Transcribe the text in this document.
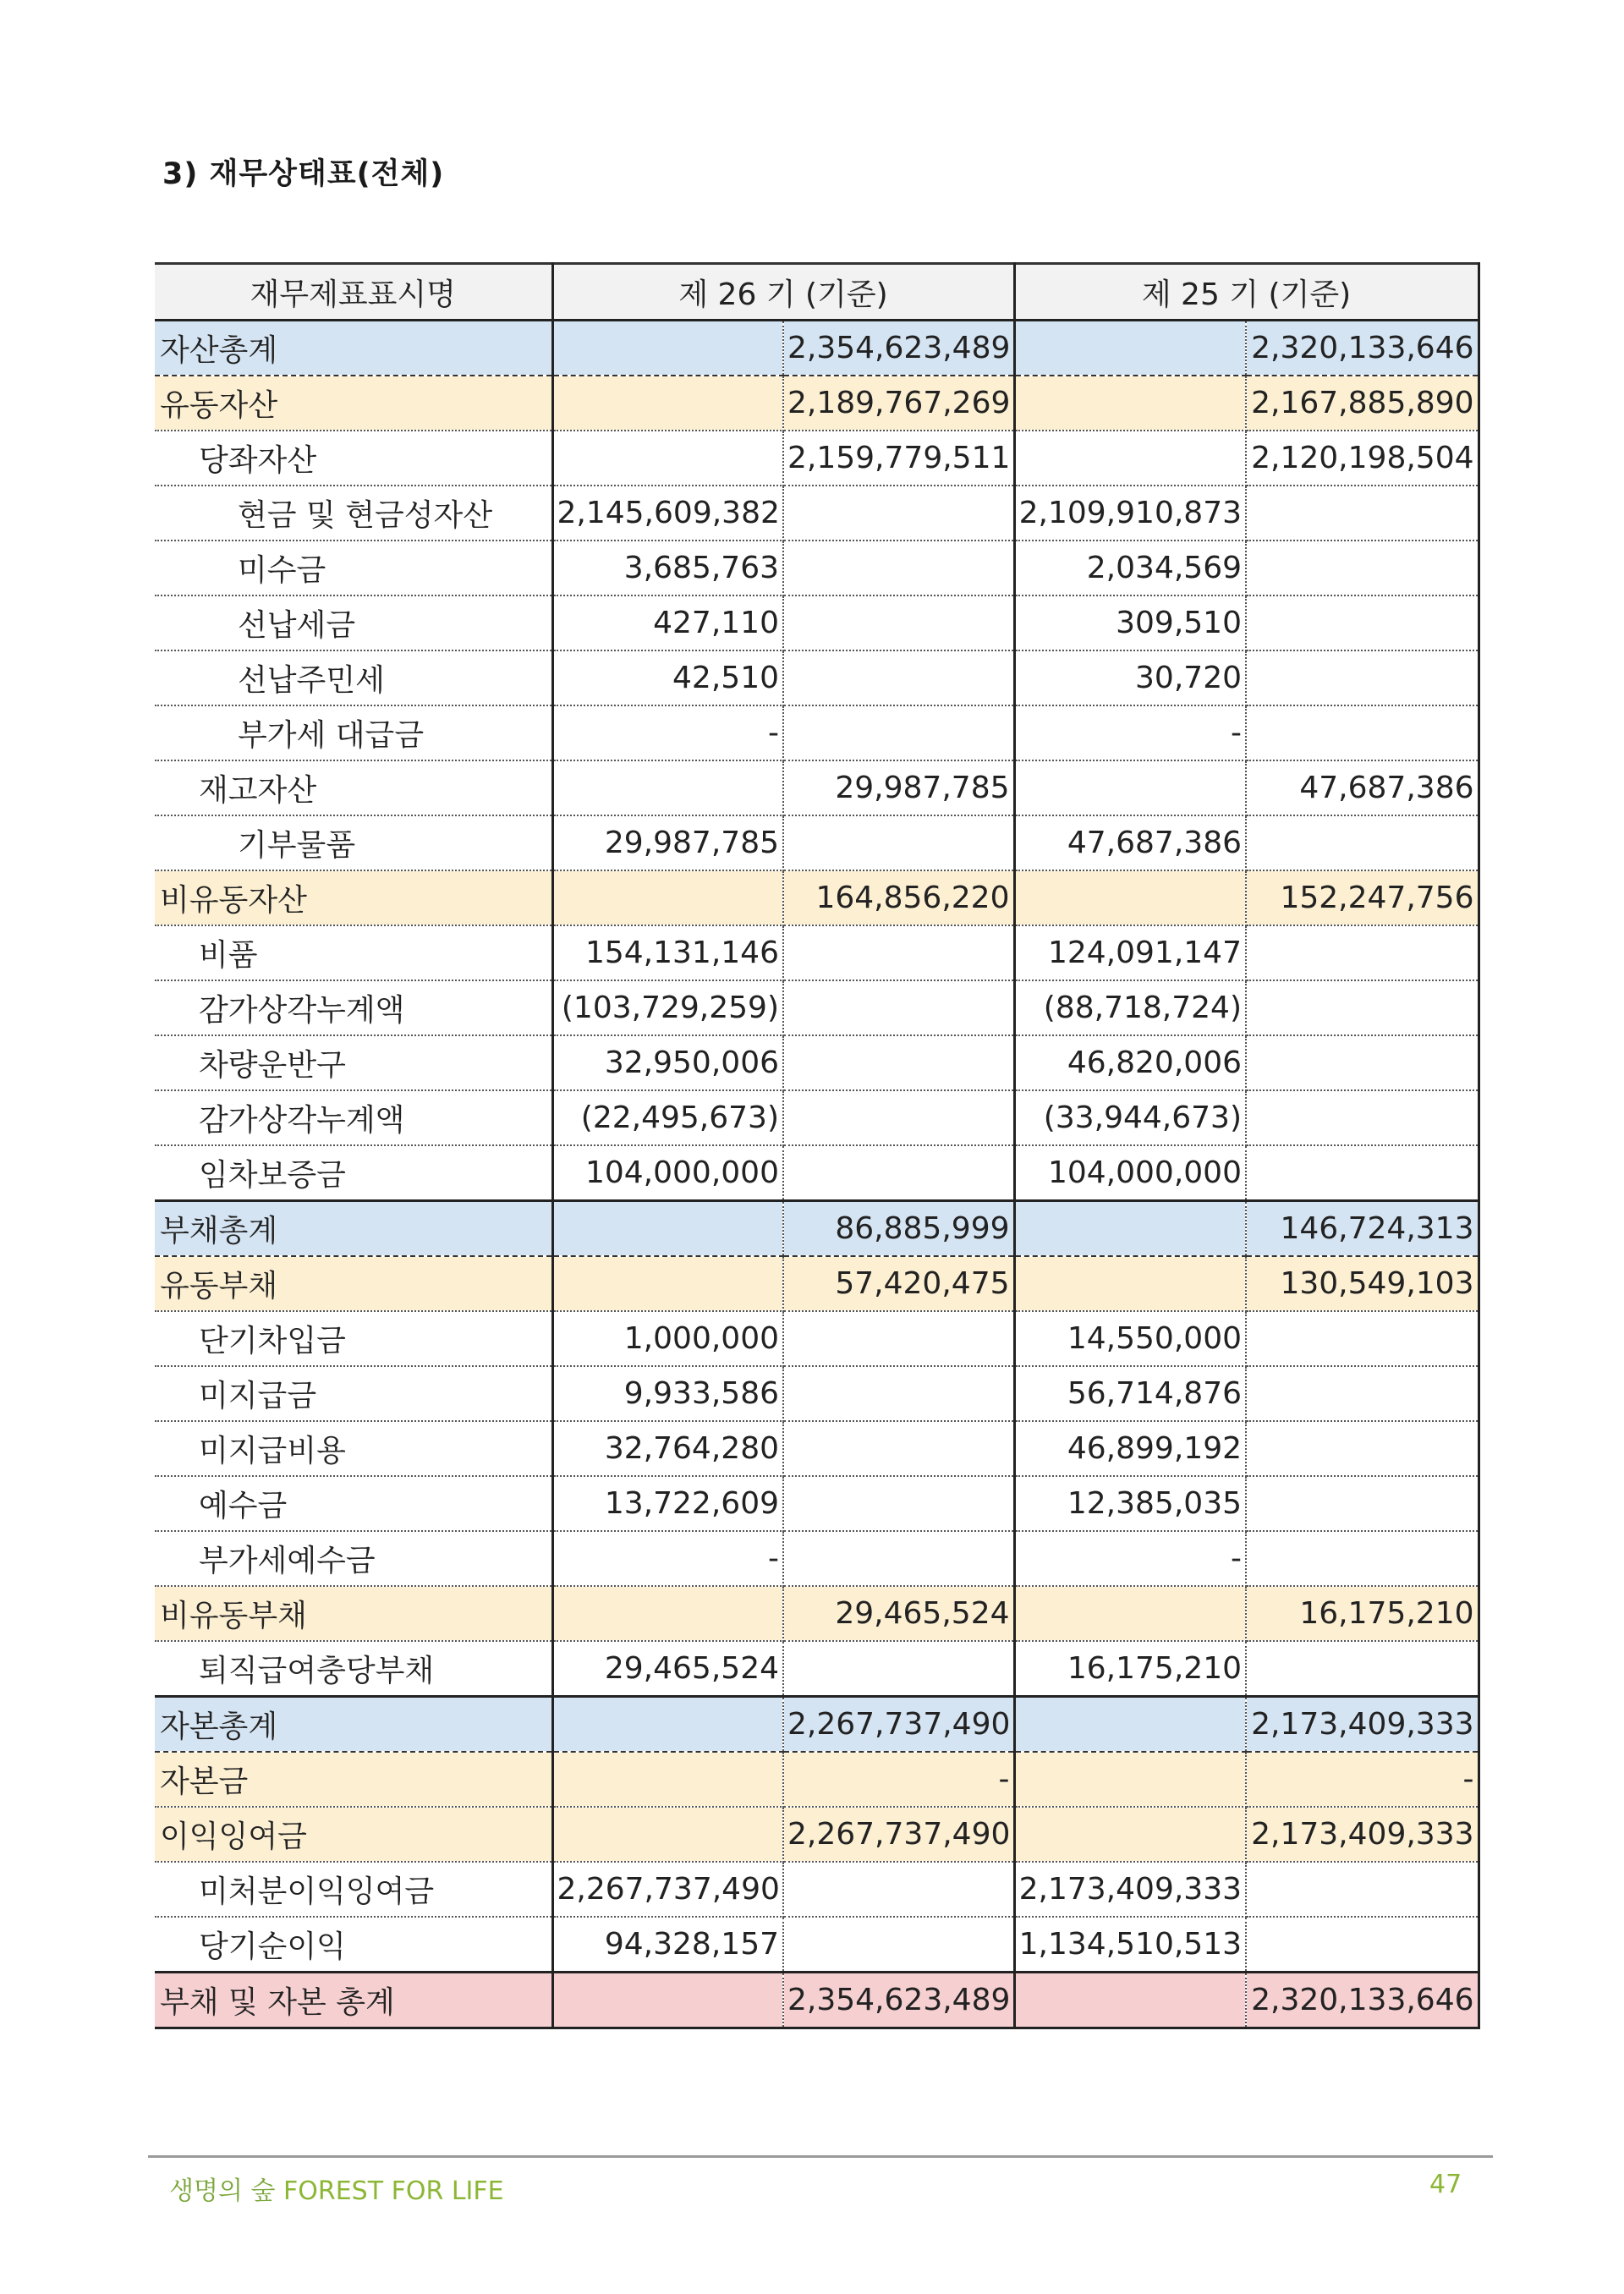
3) 재무상태표(전체)
재무제표표시명	제 26 기 (기준)		제 25 기 (기준)	
자산총계		2,354,623,489		2,320,133,646
유동자산		2,189,767,269		2,167,885,890
당좌자산		2,159,779,511		2,120,198,504
현금 및 현금성자산	2,145,609,382		2,109,910,873	
미수금	3,685,763		2,034,569	
선납세금	427,110		309,510	
선납주민세	42,510		30,720	
부가세 대급금	-		-	
재고자산		29,987,785		47,687,386
기부물품	29,987,785		47,687,386	
비유동자산		164,856,220		152,247,756
비품	154,131,146		124,091,147	
감가상각누계액	(103,729,259)		(88,718,724)	
차량운반구	32,950,006		46,820,006	
감가상각누계액	(22,495,673)		(33,944,673)	
임차보증금	104,000,000		104,000,000	
부채총계		86,885,999		146,724,313
유동부채		57,420,475		130,549,103
단기차입금	1,000,000		14,550,000	
미지급금	9,933,586		56,714,876	
미지급비용	32,764,280		46,899,192	
예수금	13,722,609		12,385,035	
부가세예수금	-		-	
비유동부채		29,465,524		16,175,210
퇴직급여충당부채	29,465,524		16,175,210	
자본총계		2,267,737,490		2,173,409,333
자본금		-		-
이익잉여금		2,267,737,490		2,173,409,333
미처분이익잉여금	2,267,737,490		2,173,409,333	
당기순이익	94,328,157		1,134,510,513	
부채 및 자본 총계		2,354,623,489		2,320,133,646
생명의 숲 FOREST FOR LIFE	47
